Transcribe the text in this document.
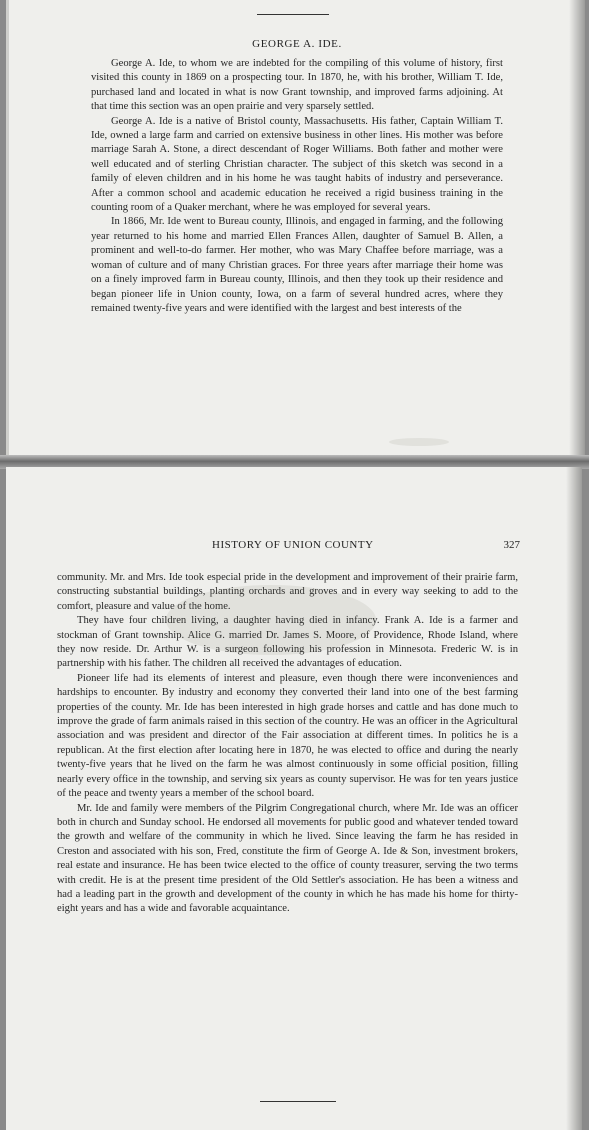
GEORGE A. IDE.

George A. Ide, to whom we are indebted for the compiling of this volume of history, first visited this county in 1869 on a prospecting tour. In 1870, he, with his brother, William T. Ide, purchased land and located in what is now Grant township, and improved farms adjoining. At that time this section was an open prairie and very sparsely settled.

George A. Ide is a native of Bristol county, Massachusetts. His father, Captain William T. Ide, owned a large farm and carried on extensive business in other lines. His mother was before marriage Sarah A. Stone, a direct descendant of Roger Williams. Both father and mother were well educated and of sterling Christian character. The subject of this sketch was second in a family of eleven children and in his home he was taught habits of industry and perseverance. After a common school and academic education he received a rigid business training in the counting room of a Quaker merchant, where he was employed for several years.

In 1866, Mr. Ide went to Bureau county, Illinois, and engaged in farming, and the following year returned to his home and married Ellen Frances Allen, daughter of Samuel B. Allen, a prominent and well-to-do farmer. Her mother, who was Mary Chaffee before marriage, was a woman of culture and of many Christian graces. For three years after marriage their home was on a finely improved farm in Bureau county, Illinois, and then they took up their residence and began pioneer life in Union county, Iowa, on a farm of several hundred acres, where they remained twenty-five years and were identified with the largest and best interests of the

HISTORY OF UNION COUNTY	327

community. Mr. and Mrs. Ide took especial pride in the development and improvement of their prairie farm, constructing substantial buildings, planting orchards and groves and in every way seeking to add to the comfort, pleasure and value of the home.

They have four children living, a daughter having died in infancy. Frank A. Ide is a farmer and stockman of Grant township. Alice G. married Dr. James S. Moore, of Providence, Rhode Island, where they now reside. Dr. Arthur W. is a surgeon following his profession in Minnesota. Frederic W. is in partnership with his father. The children all received the advantages of education.

Pioneer life had its elements of interest and pleasure, even though there were inconveniences and hardships to encounter. By industry and economy they converted their land into one of the best farming properties of the county. Mr. Ide has been interested in high grade horses and cattle and has done much to improve the grade of farm animals raised in this section of the country. He was an officer in the Agricultural association and was president and director of the Fair association at different times. In politics he is a republican. At the first election after locating here in 1870, he was elected to office and during the nearly twenty-five years that he lived on the farm he was almost continuously in some official position, filling nearly every office in the township, and serving six years as county supervisor. He was for ten years justice of the peace and twenty years a member of the school board.

Mr. Ide and family were members of the Pilgrim Congregational church, where Mr. Ide was an officer both in church and Sunday school. He endorsed all movements for public good and whatever tended toward the growth and welfare of the community in which he lived. Since leaving the farm he has resided in Creston and associated with his son, Fred, constitute the firm of George A. Ide & Son, investment brokers, real estate and insurance. He has been twice elected to the office of county treasurer, serving the two terms with credit. He is at the present time president of the Old Settler's association. He has been a witness and had a leading part in the growth and development of the county in which he has made his home for thirty-eight years and has a wide and favorable acquaintance.
